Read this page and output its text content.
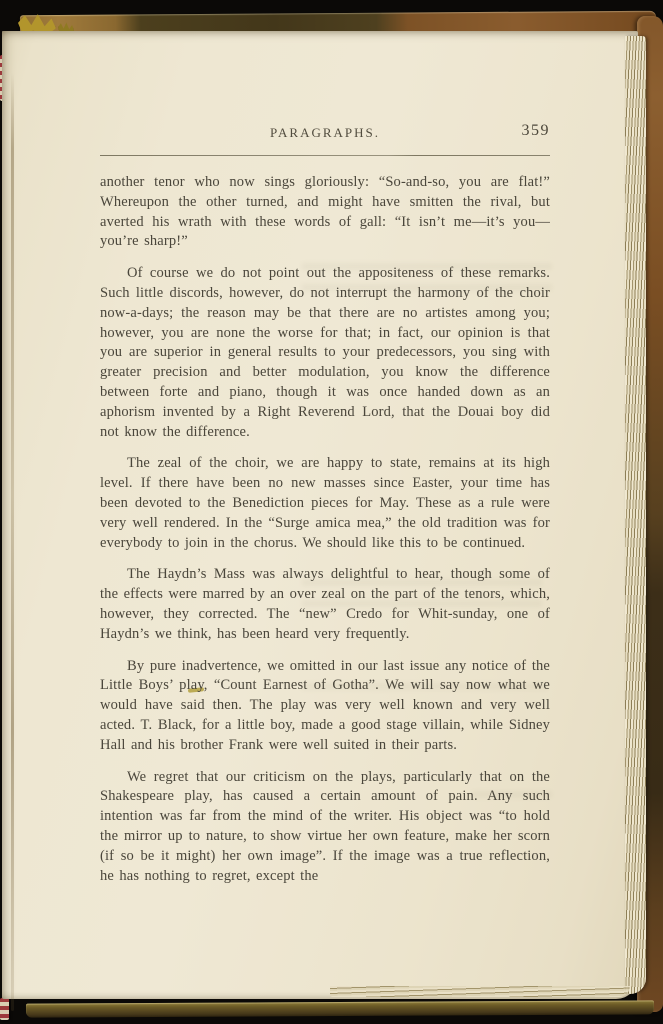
PARAGRAPHS.	359

another tenor who now sings gloriously: “So-and-so, you are flat!” Whereupon the other turned, and might have smitten the rival, but averted his wrath with these words of gall: “It isn’t me—it’s you—you’re sharp!”

Of course we do not point out the appositeness of these remarks. Such little discords, however, do not interrupt the harmony of the choir now-a-days; the reason may be that there are no artistes among you; however, you are none the worse for that; in fact, our opinion is that you are superior in general results to your predecessors, you sing with greater precision and better modulation, you know the difference between forte and piano, though it was once handed down as an aphorism invented by a Right Reverend Lord, that the Douai boy did not know the difference.

The zeal of the choir, we are happy to state, remains at its high level. If there have been no new masses since Easter, your time has been devoted to the Benediction pieces for May. These as a rule were very well rendered. In the “Surge amica mea,” the old tradition was for everybody to join in the chorus. We should like this to be continued.

The Haydn’s Mass was always delightful to hear, though some of the effects were marred by an over zeal on the part of the tenors, which, however, they corrected. The “new” Credo for Whit-sunday, one of Haydn’s we think, has been heard very frequently.

By pure inadvertence, we omitted in our last issue any notice of the Little Boys’ play, “Count Earnest of Gotha”. We will say now what we would have said then. The play was very well known and very well acted. T. Black, for a little boy, made a good stage villain, while Sidney Hall and his brother Frank were well suited in their parts.

We regret that our criticism on the plays, particularly that on the Shakespeare play, has caused a certain amount of pain. Any such intention was far from the mind of the writer. His object was “to hold the mirror up to nature, to show virtue her own feature, make her scorn (if so be it might) her own image”. If the image was a true reflection, he has nothing to regret, except the
